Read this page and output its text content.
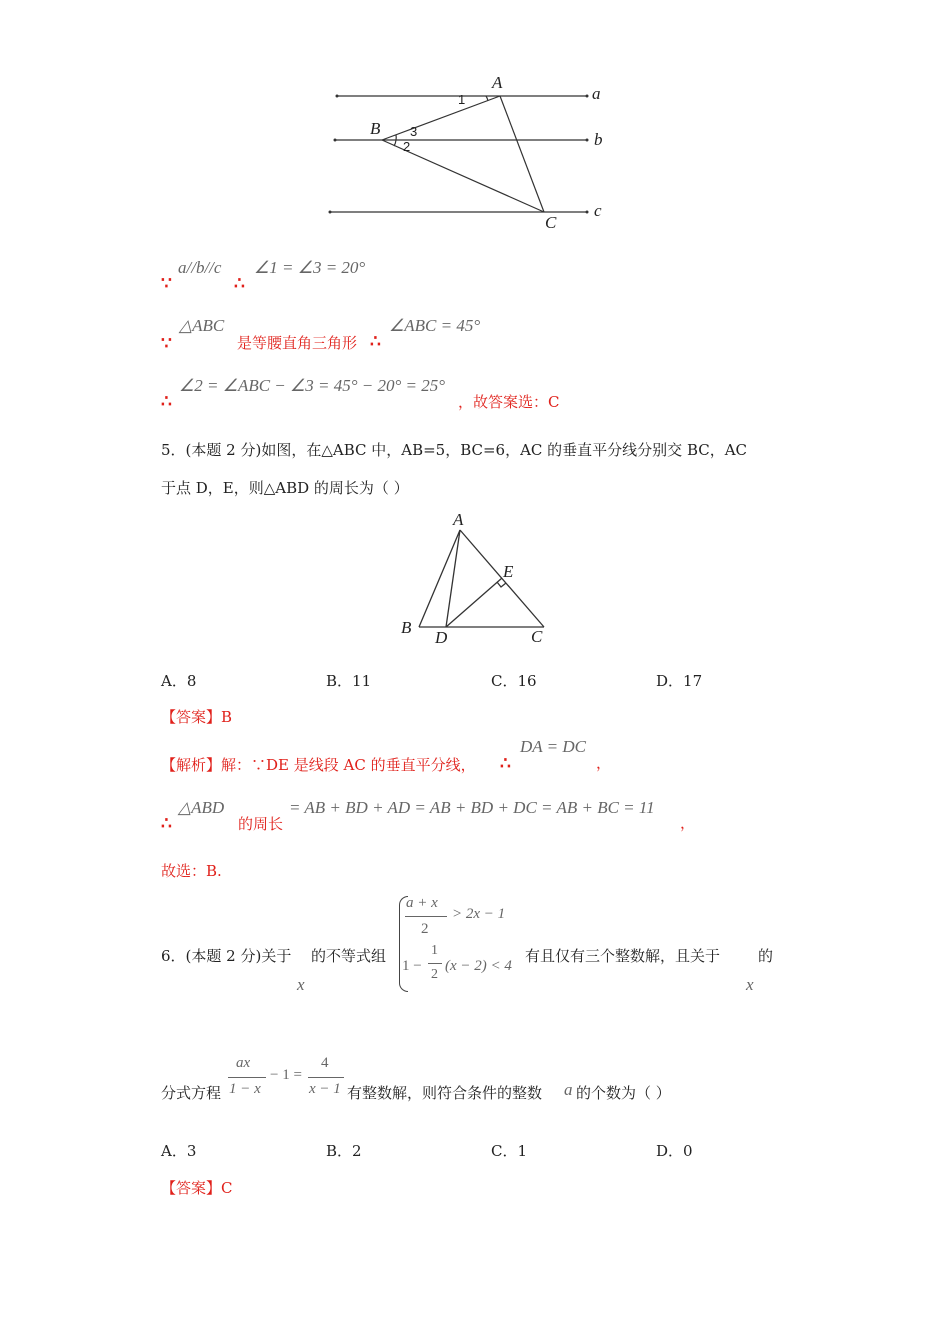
A
B
C
a
b
c
1
2
3
∵
a//b//c
∴
∠1 = ∠3 = 20°
∵
△ABC
是等腰直角三角形 ∴
∠ABC = 45°
∴
∠2 = ∠ABC − ∠3 = 45° − 20° = 25°
，故答案选：C
5．(本题 2 分)如图，在△ABC 中，AB=5，BC=6，AC 的垂直平分线分别交 BC，AC
于点 D，E，则△ABD 的周长为（ ）
A
B	C
D
E
A．8	B．11	C．16	D．17
【答案】B
【解析】解：∵DE 是线段 AC 的垂直平分线， ∴
DA = DC
，
∴
△ABD
的周长
= AB + BD + AD = AB + BD + DC = AB + BC = 11
，
故选：B.
6．(本题 2 分)关于
x
的不等式组
a + x
2
> 2x − 1
1 −
1
2
(x − 2) < 4
有且仅有三个整数解，且关于
x
的
分式方程
ax
1 − x
− 1 =
4
x − 1 有整数解，则符合条件的整数 a 的个数为（ ）
A．3	B．2	C．1	D．0
【答案】C
